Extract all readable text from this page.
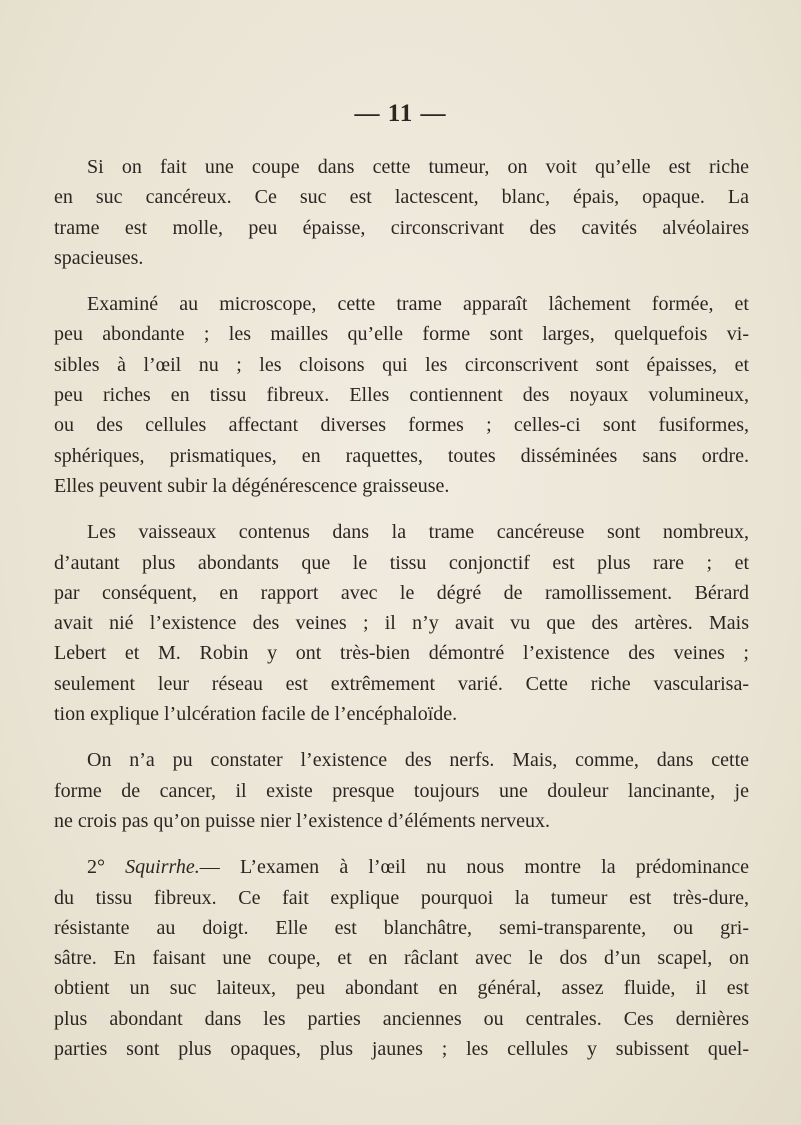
— 11 —
Si on fait une coupe dans cette tumeur, on voit qu’elle est riche
en suc cancéreux. Ce suc est lactescent, blanc, épais, opaque. La
trame est molle, peu épaisse, circonscrivant des cavités alvéolaires
spacieuses.
Examiné au microscope, cette trame apparaît lâchement formée, et
peu abondante ; les mailles qu’elle forme sont larges, quelquefois vi-
sibles à l’œil nu ; les cloisons qui les circonscrivent sont épaisses, et
peu riches en tissu fibreux. Elles contiennent des noyaux volumineux,
ou des cellules affectant diverses formes ; celles-ci sont fusiformes,
sphériques, prismatiques, en raquettes, toutes disséminées sans ordre.
Elles peuvent subir la dégénérescence graisseuse.
Les vaisseaux contenus dans la trame cancéreuse sont nombreux,
d’autant plus abondants que le tissu conjonctif est plus rare ; et
par conséquent, en rapport avec le dégré de ramollissement. Bérard
avait nié l’existence des veines ; il n’y avait vu que des artères. Mais
Lebert et M. Robin y ont très-bien démontré l’existence des veines ;
seulement leur réseau est extrêmement varié. Cette riche vascularisa-
tion explique l’ulcération facile de l’encéphaloïde.
On n’a pu constater l’existence des nerfs. Mais, comme, dans cette
forme de cancer, il existe presque toujours une douleur lancinante, je
ne crois pas qu’on puisse nier l’existence d’éléments nerveux.
2° Squirrhe.— L’examen à l’œil nu nous montre la prédominance
du tissu fibreux. Ce fait explique pourquoi la tumeur est très-dure,
résistante au doigt. Elle est blanchâtre, semi-transparente, ou gri-
sâtre. En faisant une coupe, et en râclant avec le dos d’un scapel, on
obtient un suc laiteux, peu abondant en général, assez fluide, il est
plus abondant dans les parties anciennes ou centrales. Ces dernières
parties sont plus opaques, plus jaunes ; les cellules y subissent quel-
